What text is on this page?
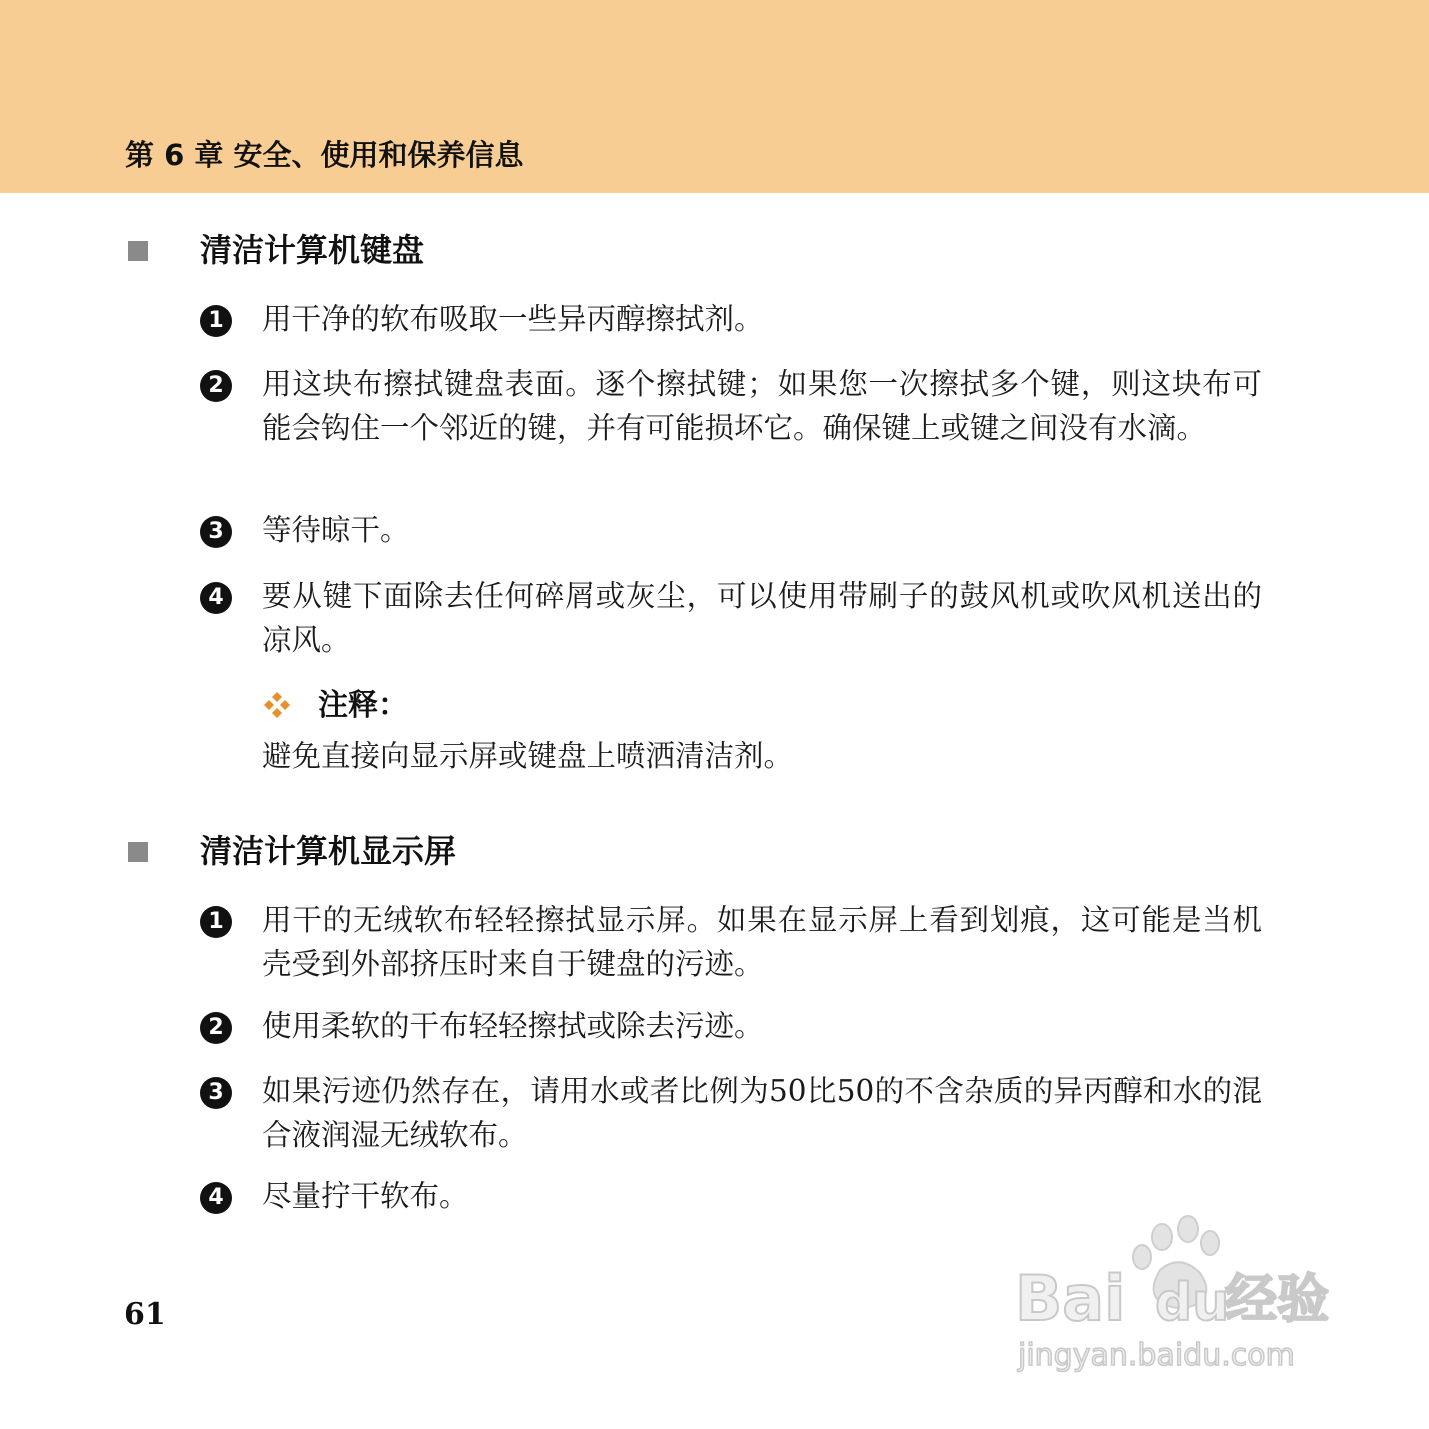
第 6 章 安全、使用和保养信息
清洁计算机键盘
1 用干净的软布吸取一些异丙醇擦拭剂。
2 用这块布擦拭键盘表面。逐个擦拭键；如果您一次擦拭多个键，则这块布可能会钩住一个邻近的键，并有可能损坏它。确保键上或键之间没有水滴。
3 等待晾干。
4 要从键下面除去任何碎屑或灰尘，可以使用带刷子的鼓风机或吹风机送出的凉风。
注释：
避免直接向显示屏或键盘上喷洒清洁剂。
清洁计算机显示屏
1 用干的无绒软布轻轻擦拭显示屏。如果在显示屏上看到划痕，这可能是当机壳受到外部挤压时来自于键盘的污迹。
2 使用柔软的干布轻轻擦拭或除去污迹。
3 如果污迹仍然存在，请用水或者比例为50比50的不含杂质的异丙醇和水的混合液润湿无绒软布。
4 尽量拧干软布。
61	Bai du
经验
jingyan.baidu.com
